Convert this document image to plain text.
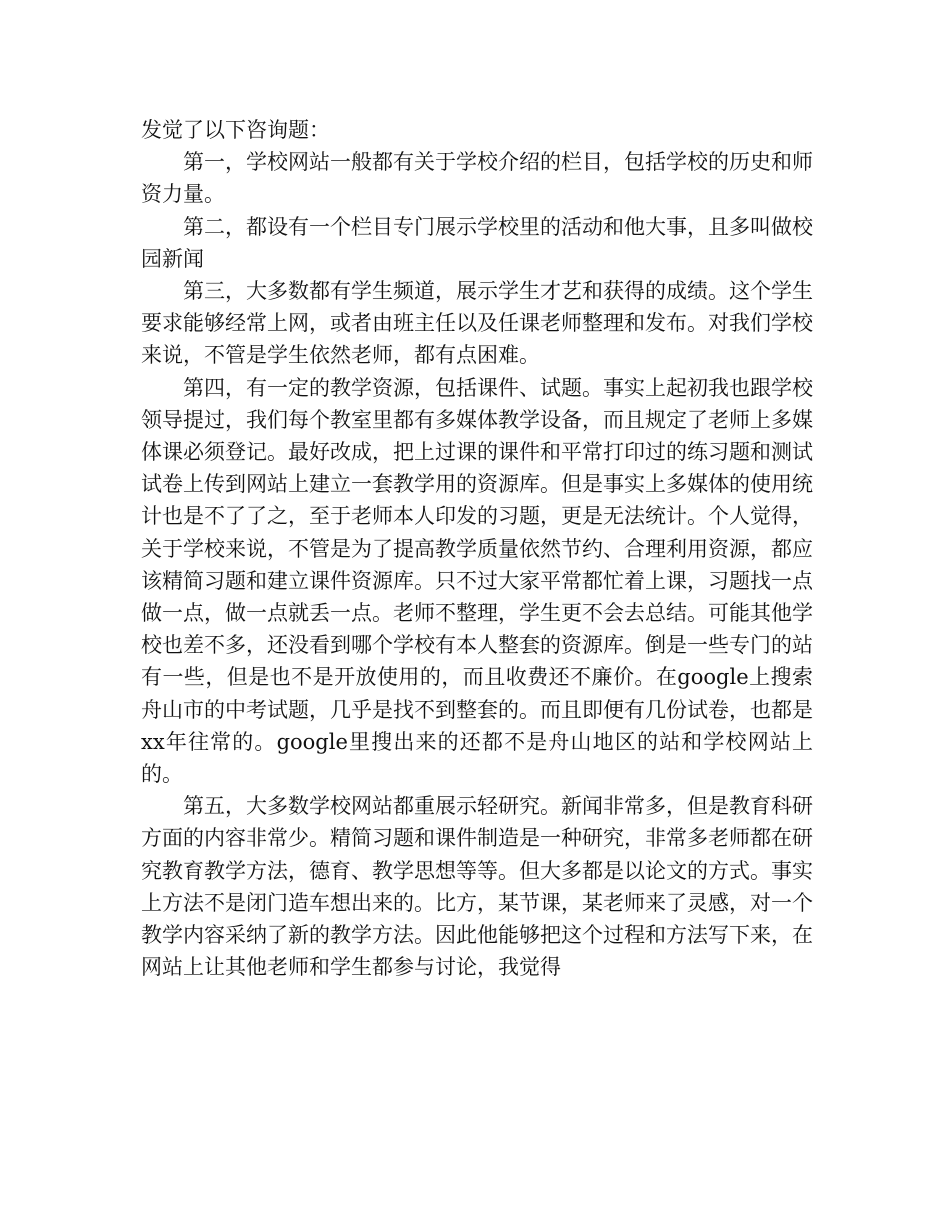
发觉了以下咨询题：

第一，学校网站一般都有关于学校介绍的栏目，包括学校的历史和师资力量。

第二，都设有一个栏目专门展示学校里的活动和他大事，且多叫做校园新闻

第三，大多数都有学生频道，展示学生才艺和获得的成绩。这个学生要求能够经常上网，或者由班主任以及任课老师整理和发布。对我们学校来说，不管是学生依然老师，都有点困难。

第四，有一定的教学资源，包括课件、试题。事实上起初我也跟学校领导提过，我们每个教室里都有多媒体教学设备，而且规定了老师上多媒体课必须登记。最好改成，把上过课的课件和平常打印过的练习题和测试试卷上传到网站上建立一套教学用的资源库。但是事实上多媒体的使用统计也是不了了之，至于老师本人印发的习题，更是无法统计。个人觉得，关于学校来说，不管是为了提高教学质量依然节约、合理利用资源，都应该精简习题和建立课件资源库。只不过大家平常都忙着上课，习题找一点做一点，做一点就丢一点。老师不整理，学生更不会去总结。可能其他学校也差不多，还没看到哪个学校有本人整套的资源库。倒是一些专门的站有一些，但是也不是开放使用的，而且收费还不廉价。在google上搜索舟山市的中考试题，几乎是找不到整套的。而且即便有几份试卷，也都是xx年往常的。google里搜出来的还都不是舟山地区的站和学校网站上的。

第五，大多数学校网站都重展示轻研究。新闻非常多，但是教育科研方面的内容非常少。精简习题和课件制造是一种研究，非常多老师都在研究教育教学方法，德育、教学思想等等。但大多都是以论文的方式。事实上方法不是闭门造车想出来的。比方，某节课，某老师来了灵感，对一个教学内容采纳了新的教学方法。因此他能够把这个过程和方法写下来，在网站上让其他老师和学生都参与讨论，我觉得
